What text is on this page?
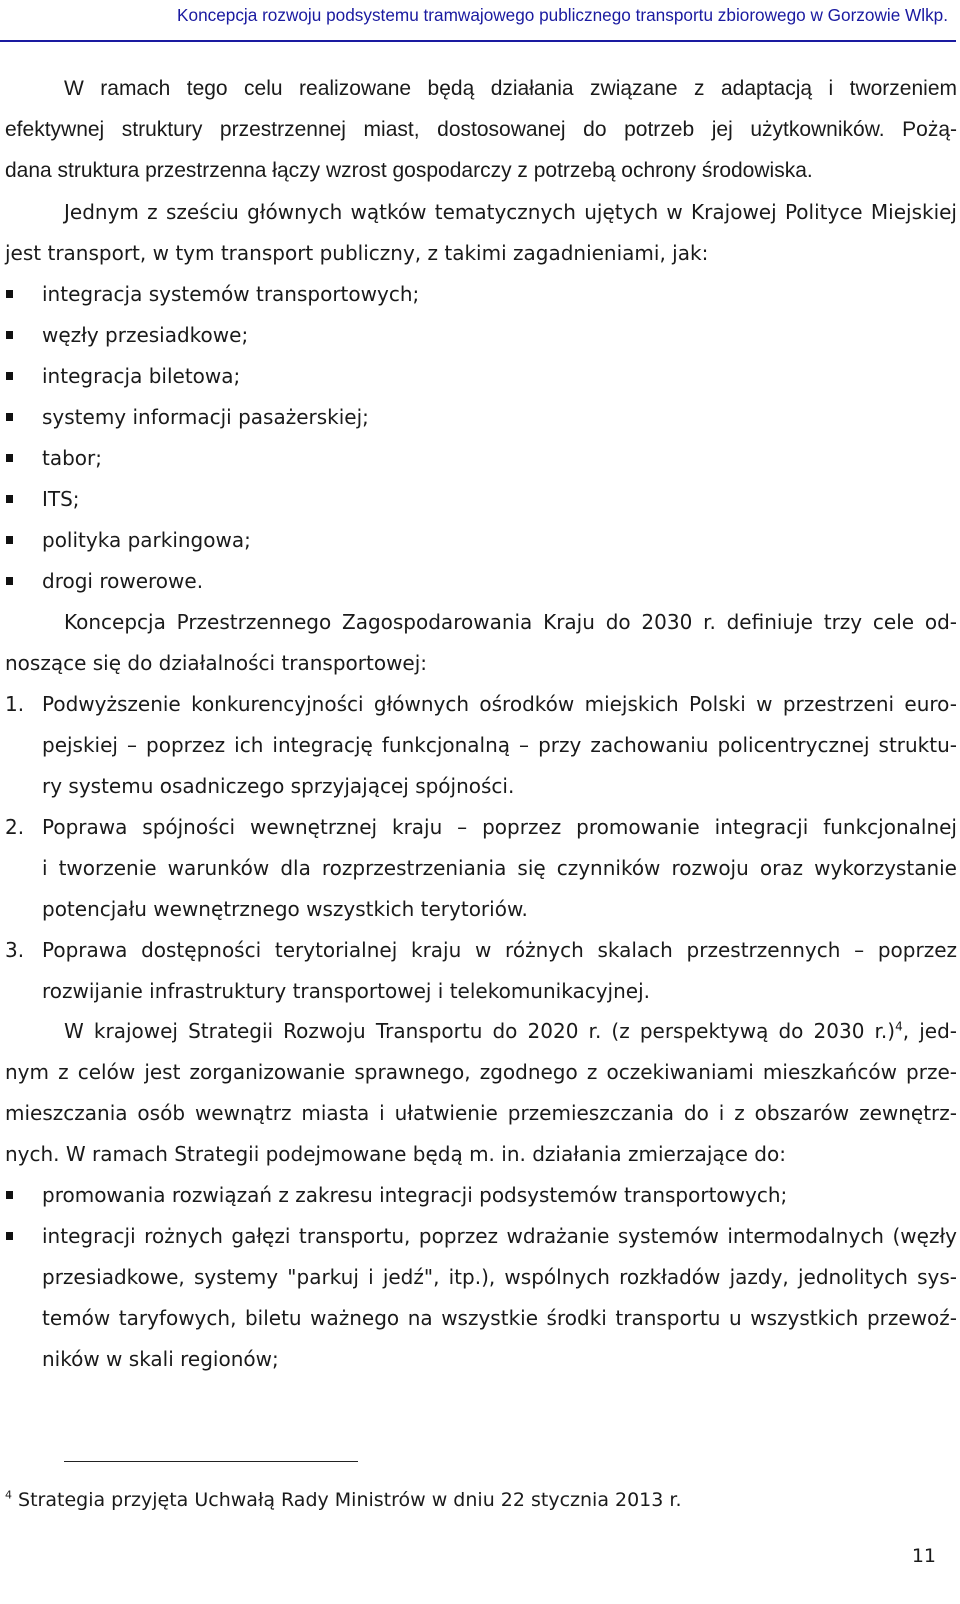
Koncepcja rozwoju podsystemu tramwajowego publicznego transportu zbiorowego w Gorzowie Wlkp.
W ramach tego celu realizowane będą działania związane z adaptacją i tworzeniem
efektywnej struktury przestrzennej miast, dostosowanej do potrzeb jej użytkowników. Pożą-
dana struktura przestrzenna łączy wzrost gospodarczy z potrzebą ochrony środowiska.
Jednym z sześciu głównych wątków tematycznych ujętych w Krajowej Polityce Miejskiej
jest transport, w tym transport publiczny, z takimi zagadnieniami, jak:
integracja systemów transportowych;
węzły przesiadkowe;
integracja biletowa;
systemy informacji pasażerskiej;
tabor;
ITS;
polityka parkingowa;
drogi rowerowe.
Koncepcja Przestrzennego Zagospodarowania Kraju do 2030 r. definiuje trzy cele od-
noszące się do działalności transportowej:
1. Podwyższenie konkurencyjności głównych ośrodków miejskich Polski w przestrzeni euro-
pejskiej – poprzez ich integrację funkcjonalną – przy zachowaniu policentrycznej struktu-
ry systemu osadniczego sprzyjającej spójności.
2. Poprawa spójności wewnętrznej kraju – poprzez promowanie integracji funkcjonalnej
i tworzenie warunków dla rozprzestrzeniania się czynników rozwoju oraz wykorzystanie
potencjału wewnętrznego wszystkich terytoriów.
3. Poprawa dostępności terytorialnej kraju w różnych skalach przestrzennych – poprzez
rozwijanie infrastruktury transportowej i telekomunikacyjnej.
W krajowej Strategii Rozwoju Transportu do 2020 r. (z perspektywą do 2030 r.)$^4$, jed-
nym z celów jest zorganizowanie sprawnego, zgodnego z oczekiwaniami mieszkańców prze-
mieszczania osób wewnątrz miasta i ułatwienie przemieszczania do i z obszarów zewnętrz-
nych. W ramach Strategii podejmowane będą m. in. działania zmierzające do:
promowania rozwiązań z zakresu integracji podsystemów transportowych;
integracji rożnych gałęzi transportu, poprzez wdrażanie systemów intermodalnych (węzły
przesiadkowe, systemy "parkuj i jedź", itp.), wspólnych rozkładów jazdy, jednolitych sys-
temów taryfowych, biletu ważnego na wszystkie środki transportu u wszystkich przewoź-
ników w skali regionów;
$^4$ Strategia przyjęta Uchwałą Rady Ministrów w dniu 22 stycznia 2013 r.
11
